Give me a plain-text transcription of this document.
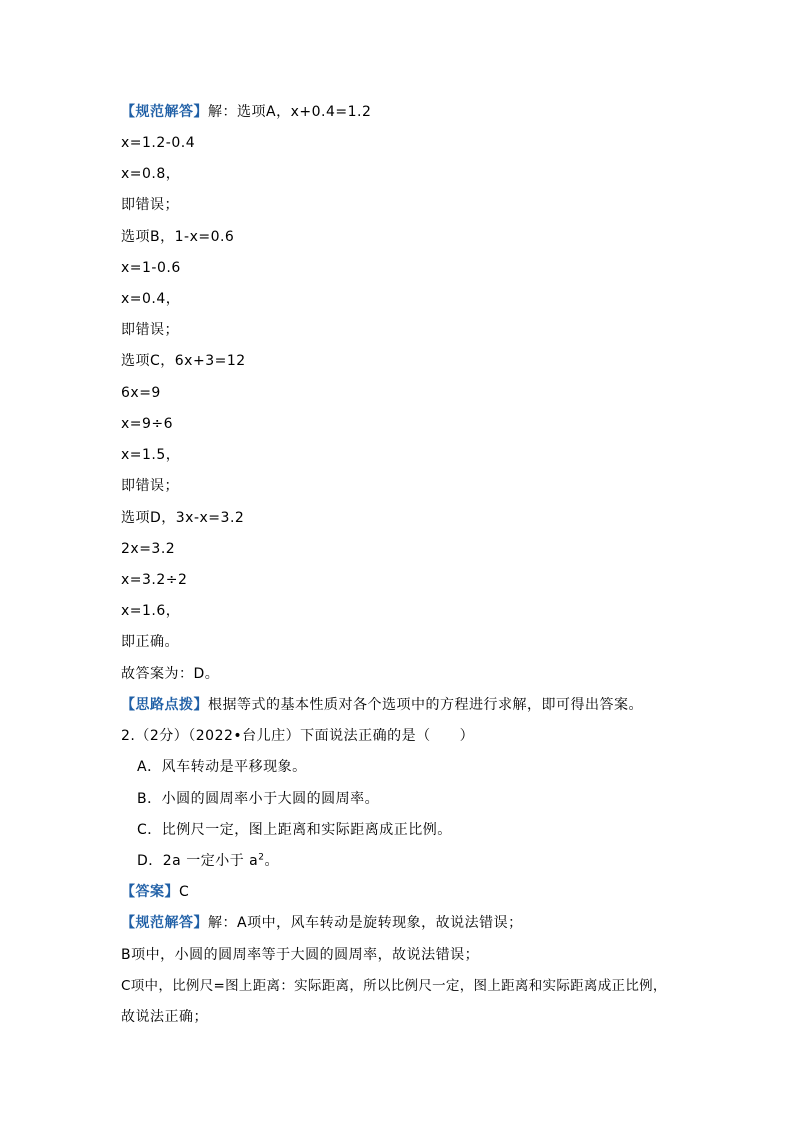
【规范解答】解：选项A，x+0.4=1.2
x=1.2-0.4
x=0.8，
即错误；
选项B，1-x=0.6
x=1-0.6
x=0.4，
即错误；
选项C，6x+3=12
6x=9
x=9÷6
x=1.5，
即错误；
选项D，3x-x=3.2
2x=3.2
x=3.2÷2
x=1.6，
即正确。
故答案为：D。
【思路点拨】根据等式的基本性质对各个选项中的方程进行求解，即可得出答案。
2.（2分）（2022•台儿庄）下面说法正确的是（　　）
A．风车转动是平移现象。
B．小圆的圆周率小于大圆的圆周率。
C．比例尺一定，图上距离和实际距离成正比例。
D．2a 一定小于 $a^2$。
【答案】C
【规范解答】解：A项中，风车转动是旋转现象，故说法错误；
B项中，小圆的圆周率等于大圆的圆周率，故说法错误；
C项中，比例尺=图上距离：实际距离，所以比例尺一定，图上距离和实际距离成正比例，
故说法正确；
